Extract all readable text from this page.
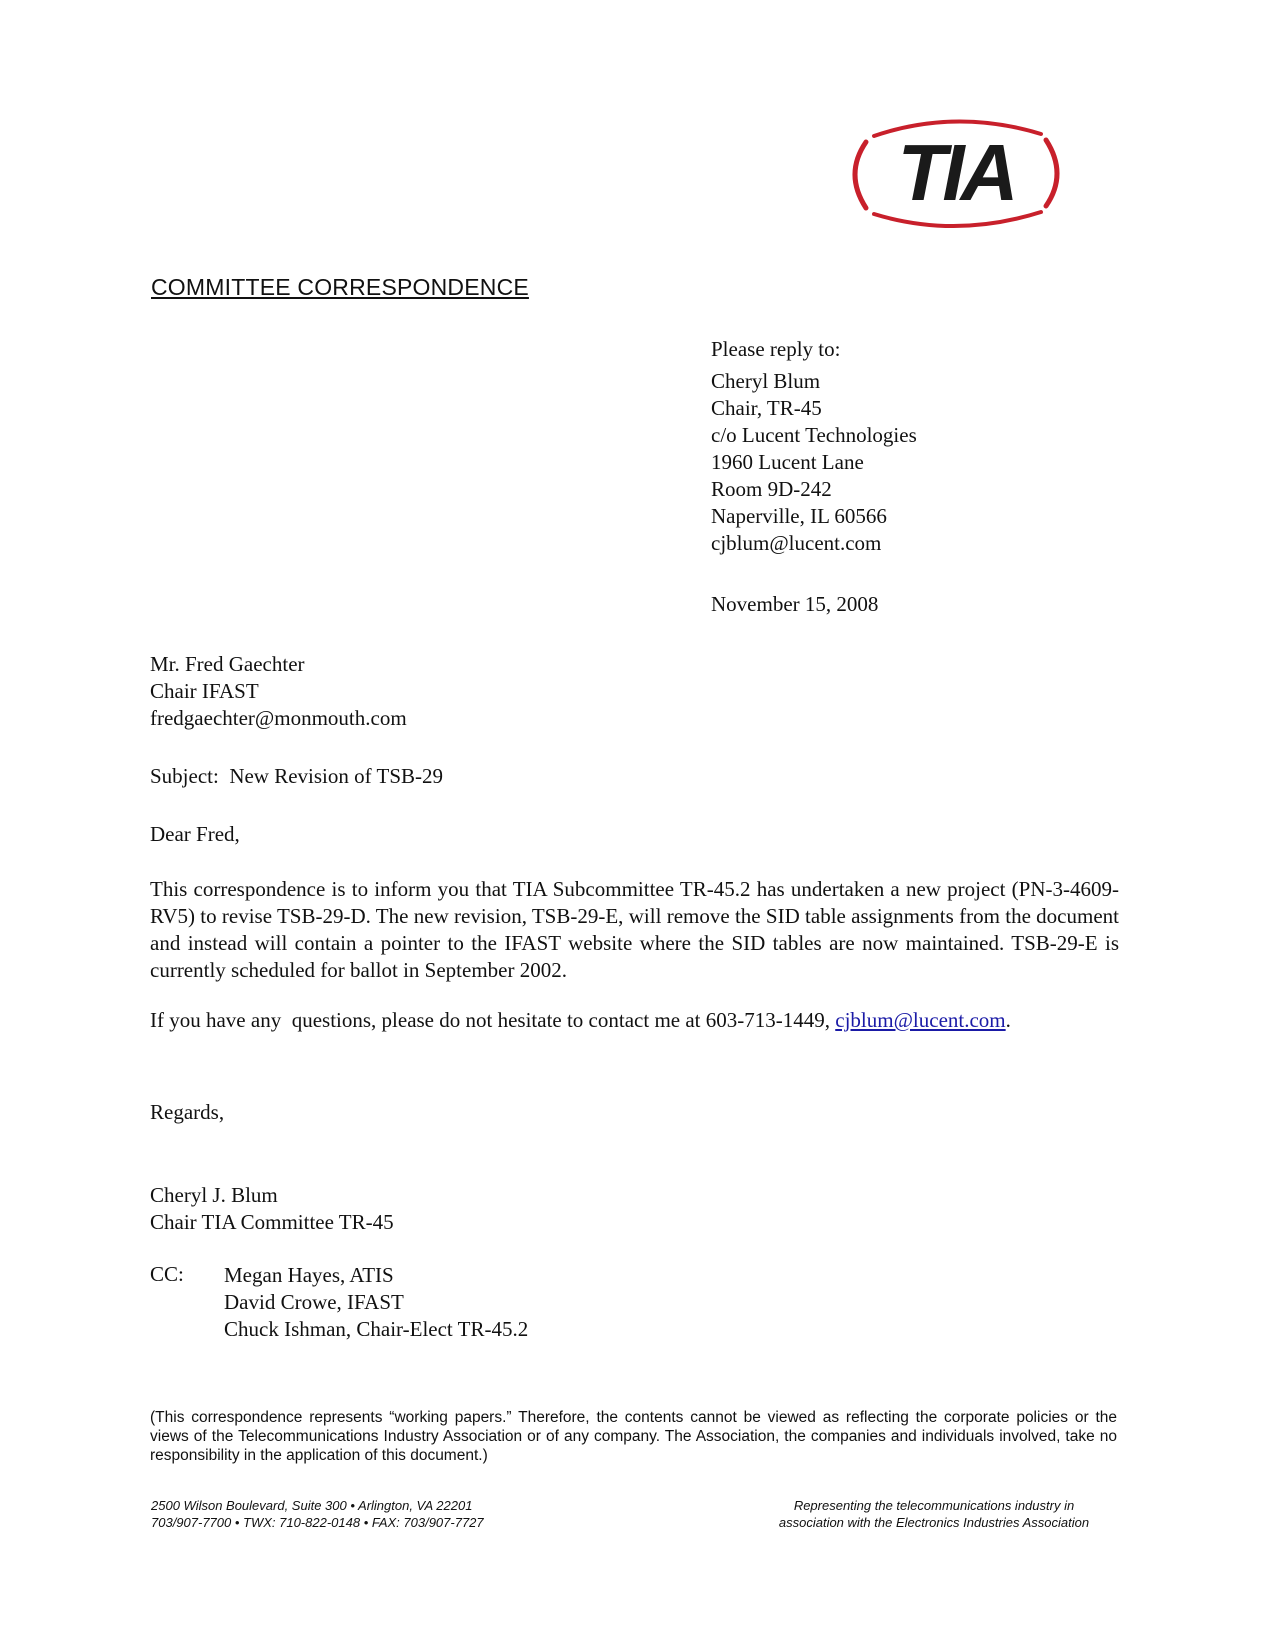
TIA
COMMITTEE CORRESPONDENCE
Please reply to:
Cheryl Blum
Chair, TR-45
c/o Lucent Technologies
1960 Lucent Lane
Room 9D-242
Naperville, IL 60566
cjblum@lucent.com
November 15, 2008
Mr. Fred Gaechter
Chair IFAST
fredgaechter@monmouth.com
Subject:  New Revision of TSB-29
Dear Fred,
This correspondence is to inform you that TIA Subcommittee TR-45.2 has undertaken a new project (PN-3-4609-RV5) to revise TSB-29-D. The new revision, TSB-29-E, will remove the SID table assignments from the document and instead will contain a pointer to the IFAST website where the SID tables are now maintained. TSB-29-E is currently scheduled for ballot in September 2002.
If you have any  questions, please do not hesitate to contact me at 603-713-1449, cjblum@lucent.com.
Regards,
Cheryl J. Blum
Chair TIA Committee TR-45
CC: Megan Hayes, ATIS
David Crowe, IFAST
Chuck Ishman, Chair-Elect TR-45.2
(This correspondence represents “working papers.” Therefore, the contents cannot be viewed as reflecting the corporate policies or the views of the Telecommunications Industry Association or of any company. The Association, the companies and individuals involved, take no responsibility in the application of this document.)
2500 Wilson Boulevard, Suite 300 • Arlington, VA 22201
703/907-7700 • TWX: 710-822-0148 • FAX: 703/907-7727
Representing the telecommunications industry in
association with the Electronics Industries Association
